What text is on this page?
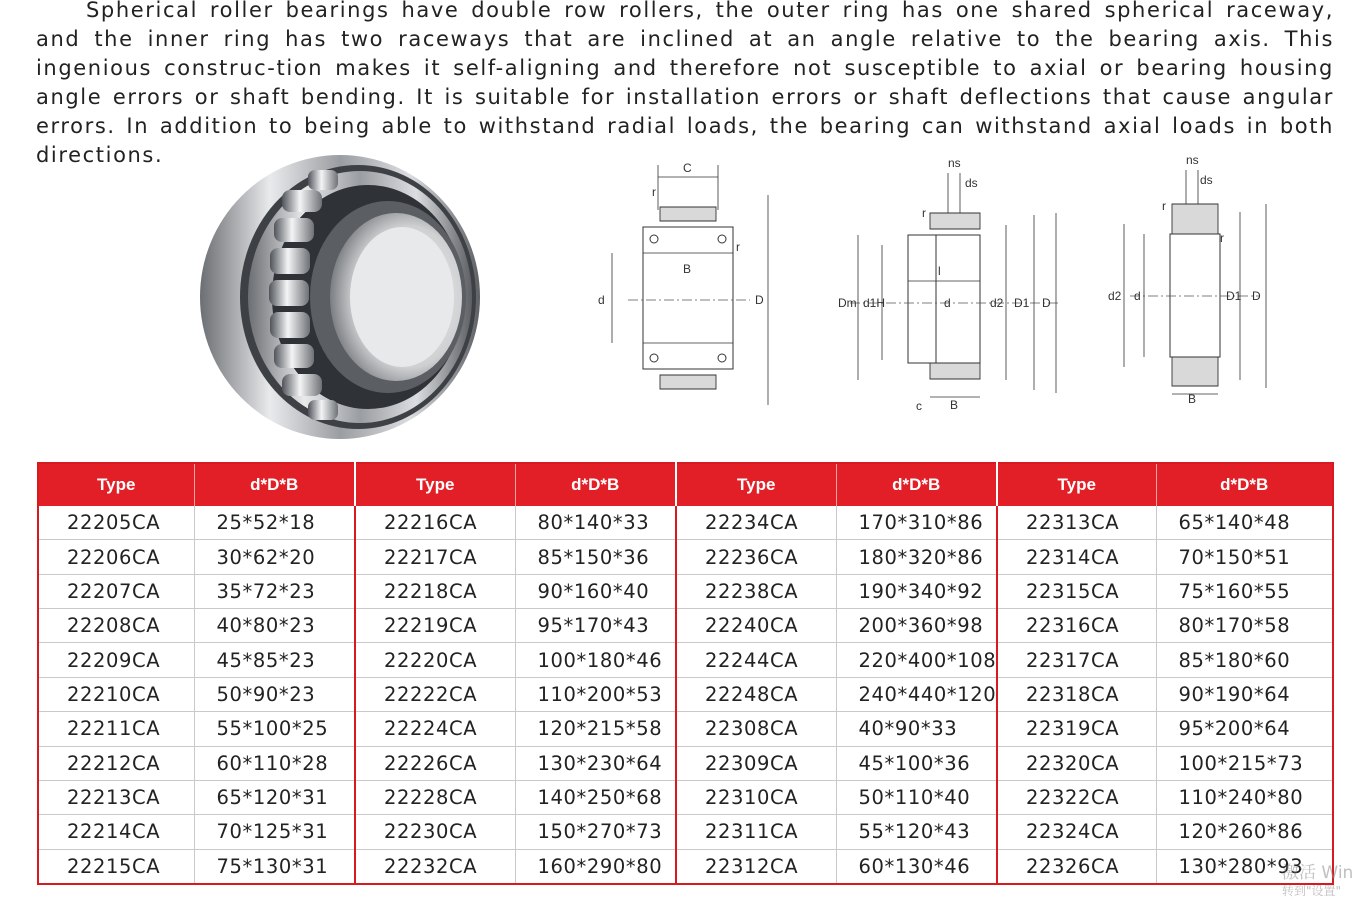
Spherical roller bearings have double row rollers, the outer ring has one shared spherical raceway, and the inner ring has two raceways that are inclined at an angle relative to the bearing axis. This ingenious construc-tion makes it self-aligning and therefore not susceptible to axial or bearing housing angle errors or shaft bending. It is suitable for installation errors or shaft deflections that cause angular errors. In addition to being able to withstand radial loads, the bearing can withstand axial loads in both directions.

C
B
d	D
r
r
ns
ds
l
d
Dm d1H	d2 D1 D
c B
r
ns
ds
d2 d	D1 D
B
r
r
Type	d*D*B	Type	d*D*B	Type	d*D*B	Type	d*D*B
22205CA	25*52*18	22216CA	80*140*33	22234CA	170*310*86	22313CA	65*140*48
22206CA	30*62*20	22217CA	85*150*36	22236CA	180*320*86	22314CA	70*150*51
22207CA	35*72*23	22218CA	90*160*40	22238CA	190*340*92	22315CA	75*160*55
22208CA	40*80*23	22219CA	95*170*43	22240CA	200*360*98	22316CA	80*170*58
22209CA	45*85*23	22220CA	100*180*46	22244CA	220*400*108	22317CA	85*180*60
22210CA	50*90*23	22222CA	110*200*53	22248CA	240*440*120	22318CA	90*190*64
22211CA	55*100*25	22224CA	120*215*58	22308CA	40*90*33	22319CA	95*200*64
22212CA	60*110*28	22226CA	130*230*64	22309CA	45*100*36	22320CA	100*215*73
22213CA	65*120*31	22228CA	140*250*68	22310CA	50*110*40	22322CA	110*240*80
22214CA	70*125*31	22230CA	150*270*73	22311CA	55*120*43	22324CA	120*260*86
22215CA	75*130*31	22232CA	160*290*80	22312CA	60*130*46	22326CA	130*280*93
激活 Win
转到"设置"
